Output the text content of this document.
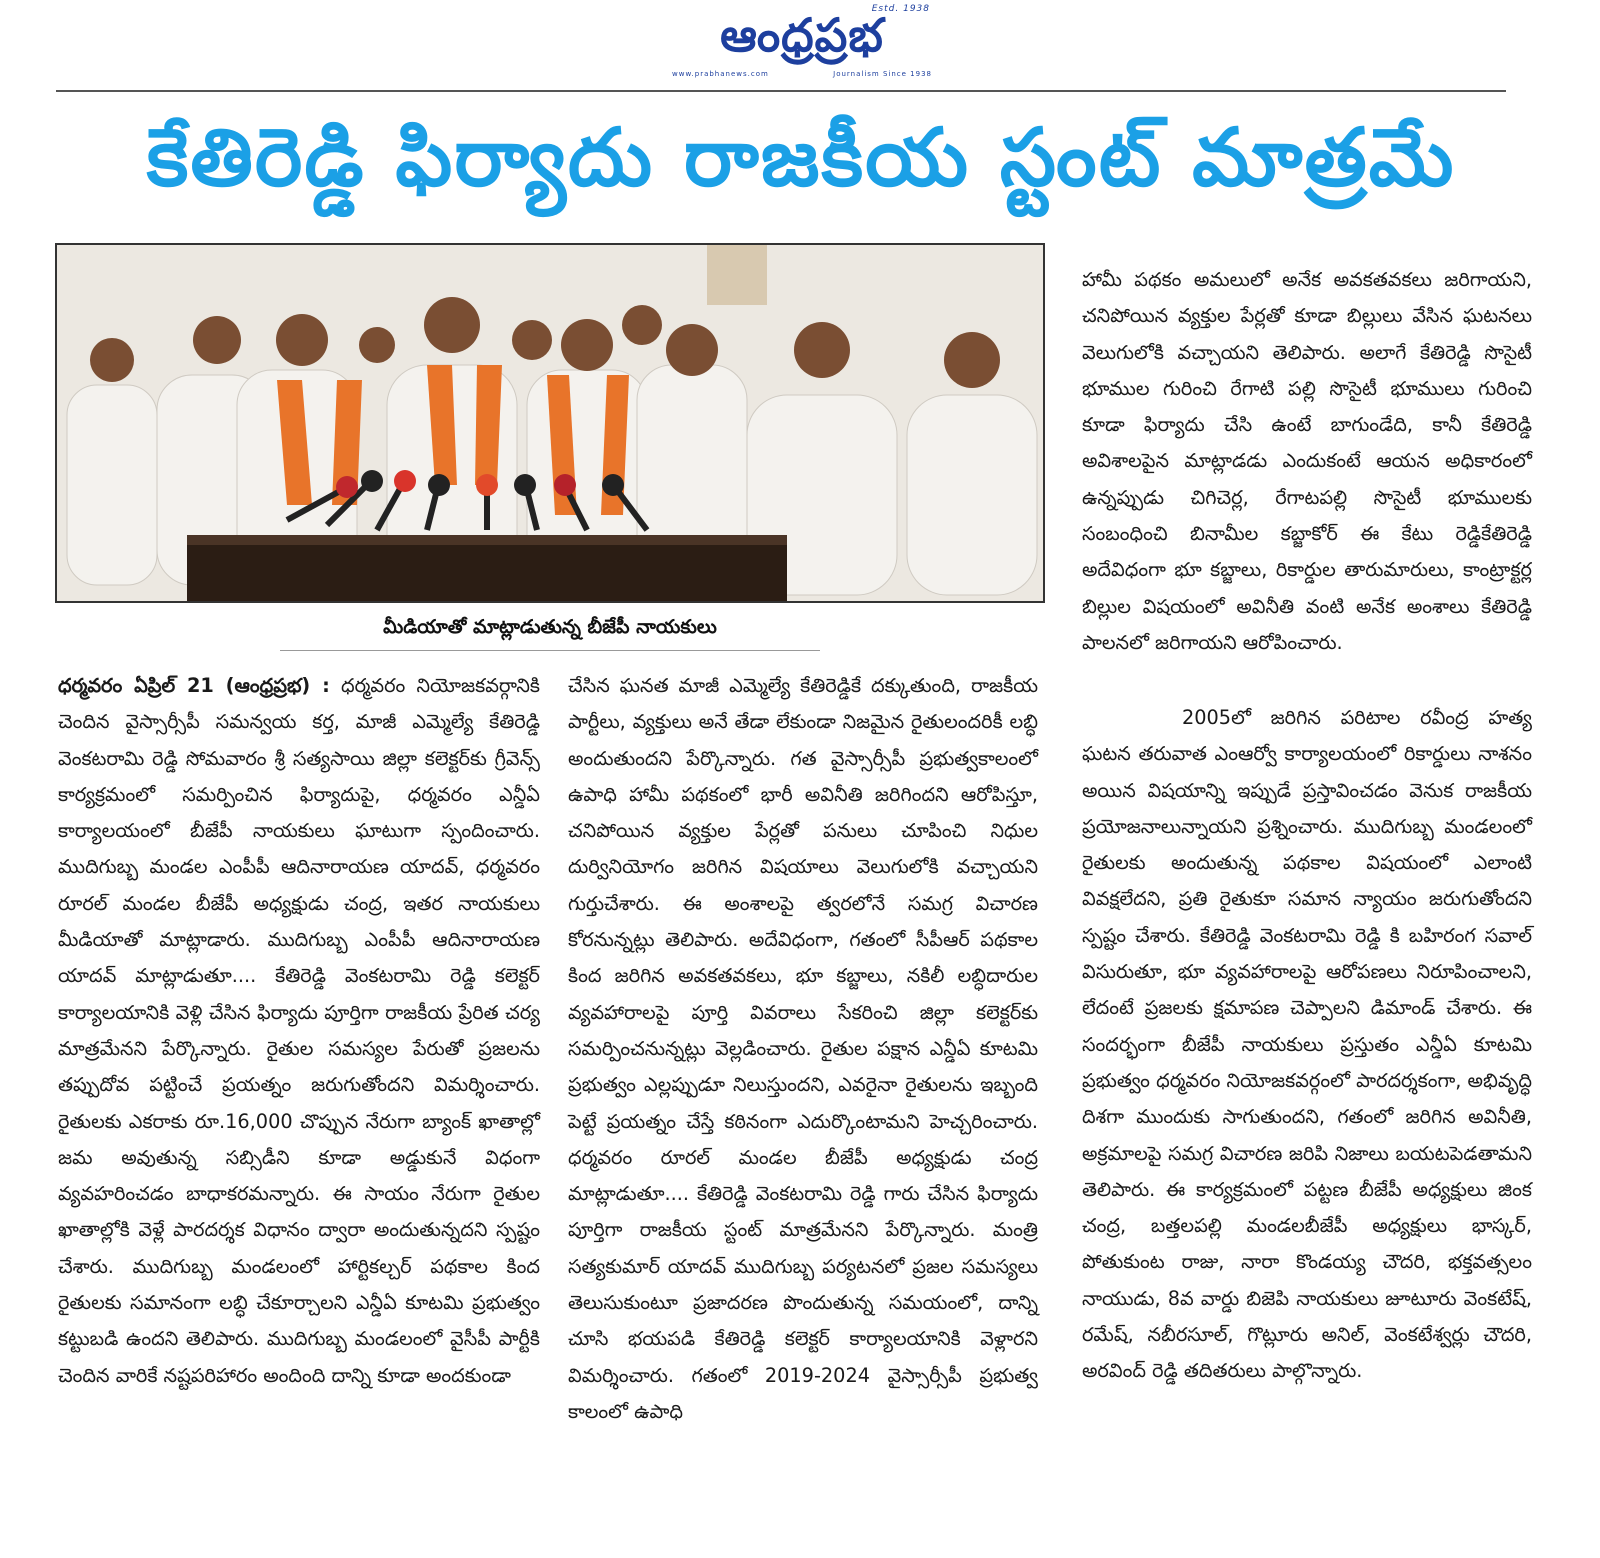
ఆంధ్రప్రభ
Estd. 1938
www.prabhanews.com	Journalism Since 1938
కేతిరెడ్డి ఫిర్యాదు రాజకీయ స్టంట్ మాత్రమే
మీడియాతో మాట్లాడుతున్న బీజేపీ నాయకులు

ధర్మవరం ఏప్రిల్ 21 (ఆంధ్రప్రభ) : ధర్మవరం నియోజకవర్గానికి చెందిన వైస్సార్సీపీ సమన్వయ కర్త, మాజీ ఎమ్మెల్యే కేతిరెడ్డి వెంకటరామి రెడ్డి సోమవారం శ్రీ సత్యసాయి జిల్లా కలెక్టర్‌కు గ్రీవెన్స్ కార్యక్రమంలో సమర్పించిన ఫిర్యాదుపై, ధర్మవరం ఎన్డీఏ కార్యాలయంలో బీజేపీ నాయకులు ఘాటుగా స్పందించారు. ముదిగుబ్బ మండల ఎంపీపీ ఆదినారాయణ యాదవ్, ధర్మవరం రూరల్ మండల బీజేపీ అధ్యక్షుడు చంద్ర, ఇతర నాయకులు మీడియాతో మాట్లాడారు. ముదిగుబ్బ ఎంపీపీ ఆదినారాయణ యాదవ్ మాట్లాడుతూ.... కేతిరెడ్డి వెంకటరామి రెడ్డి కలెక్టర్ కార్యాలయానికి వెళ్లి చేసిన ఫిర్యాదు పూర్తిగా రాజకీయ ప్రేరిత చర్య మాత్రమేనని పేర్కొన్నారు. రైతుల సమస్యల పేరుతో ప్రజలను తప్పుదోవ పట్టించే ప్రయత్నం జరుగుతోందని విమర్శించారు. రైతులకు ఎకరాకు రూ.16,000 చొప్పున నేరుగా బ్యాంక్ ఖాతాల్లో జమ అవుతున్న సబ్సిడీని కూడా అడ్డుకునే విధంగా వ్యవహరించడం బాధాకరమన్నారు. ఈ సాయం నేరుగా రైతుల ఖాతాల్లోకి వెళ్లే పారదర్శక విధానం ద్వారా అందుతున్నదని స్పష్టం చేశారు. ముదిగుబ్బ మండలంలో హార్టికల్చర్ పథకాల కింద రైతులకు సమానంగా లబ్ధి చేకూర్చాలని ఎన్డీఏ కూటమి ప్రభుత్వం కట్టుబడి ఉందని తెలిపారు. ముదిగుబ్బ మండలంలో వైసీపీ పార్టీకి చెందిన వారికే నష్టపరిహారం అందింది దాన్ని కూడా అందకుండా

చేసిన ఘనత మాజీ ఎమ్మెల్యే కేతిరెడ్డికే దక్కుతుంది, రాజకీయ పార్టీలు, వ్యక్తులు అనే తేడా లేకుండా నిజమైన రైతులందరికీ లబ్ధి అందుతుందని పేర్కొన్నారు. గత వైస్సార్సీపీ ప్రభుత్వకాలంలో ఉపాధి హామీ పథకంలో భారీ అవినీతి జరిగిందని ఆరోపిస్తూ, చనిపోయిన వ్యక్తుల పేర్లతో పనులు చూపించి నిధుల దుర్వినియోగం జరిగిన విషయాలు వెలుగులోకి వచ్చాయని గుర్తుచేశారు. ఈ అంశాలపై త్వరలోనే సమగ్ర విచారణ కోరనున్నట్లు తెలిపారు. అదేవిధంగా, గతంలో సీపీఆర్ పథకాల కింద జరిగిన అవకతవకలు, భూ కబ్జాలు, నకిలీ లబ్ధిదారుల వ్యవహారాలపై పూర్తి వివరాలు సేకరించి జిల్లా కలెక్టర్‌కు సమర్పించనున్నట్లు వెల్లడించారు. రైతుల పక్షాన ఎన్డీఏ కూటమి ప్రభుత్వం ఎల్లప్పుడూ నిలుస్తుందని, ఎవరైనా రైతులను ఇబ్బంది పెట్టే ప్రయత్నం చేస్తే కఠినంగా ఎదుర్కొంటామని హెచ్చరించారు. ధర్మవరం రూరల్ మండల బీజేపీ అధ్యక్షుడు చంద్ర మాట్లాడుతూ.... కేతిరెడ్డి వెంకటరామి రెడ్డి గారు చేసిన ఫిర్యాదు పూర్తిగా రాజకీయ స్టంట్ మాత్రమేనని పేర్కొన్నారు. మంత్రి సత్యకుమార్ యాదవ్ ముదిగుబ్బ పర్యటనలో ప్రజల సమస్యలు తెలుసుకుంటూ ప్రజాదరణ పొందుతున్న సమయంలో, దాన్ని చూసి భయపడి కేతిరెడ్డి కలెక్టర్ కార్యాలయానికి వెళ్లారని విమర్శించారు. గతంలో 2019-2024 వైస్సార్సీపీ ప్రభుత్వ కాలంలో ఉపాధి

హామీ పథకం అమలులో అనేక అవకతవకలు జరిగాయని, చనిపోయిన వ్యక్తుల పేర్లతో కూడా బిల్లులు వేసిన ఘటనలు వెలుగులోకి వచ్చాయని తెలిపారు. అలాగే కేతిరెడ్డి సొసైటీ భూముల గురించి రేగాటి పల్లి సొసైటీ భూములు గురించి కూడా ఫిర్యాదు చేసి ఉంటే బాగుండేది, కానీ కేతిరెడ్డి అవిశాలపైన మాట్లాడడు ఎందుకంటే ఆయన అధికారంలో ఉన్నప్పుడు చిగిచెర్ల, రేగాటపల్లి సొసైటీ భూములకు సంబంధించి బినామీల కబ్జాకోర్ ఈ కేటు రెడ్డికేతిరెడ్డి అదేవిధంగా భూ కబ్జాలు, రికార్డుల తారుమారులు, కాంట్రాక్టర్ల బిల్లుల విషయంలో అవినీతి వంటి అనేక అంశాలు కేతిరెడ్డి పాలనలో జరిగాయని ఆరోపించారు.

2005లో జరిగిన పరిటాల రవీంద్ర హత్య ఘటన తరువాత ఎంఆర్వో కార్యాలయంలో రికార్డులు నాశనం అయిన విషయాన్ని ఇప్పుడే ప్రస్తావించడం వెనుక రాజకీయ ప్రయోజనాలున్నాయని ప్రశ్నించారు. ముదిగుబ్బ మండలంలో రైతులకు అందుతున్న పథకాల విషయంలో ఎలాంటి వివక్షలేదని, ప్రతి రైతుకూ సమాన న్యాయం జరుగుతోందని స్పష్టం చేశారు. కేతిరెడ్డి వెంకటరామి రెడ్డి కి బహిరంగ సవాల్ విసురుతూ, భూ వ్యవహారాలపై ఆరోపణలు నిరూపించాలని, లేదంటే ప్రజలకు క్షమాపణ చెప్పాలని డిమాండ్ చేశారు. ఈ సందర్భంగా బీజేపీ నాయకులు ప్రస్తుతం ఎన్డీఏ కూటమి ప్రభుత్వం ధర్మవరం నియోజకవర్గంలో పారదర్శకంగా, అభివృద్ధి దిశగా ముందుకు సాగుతుందని, గతంలో జరిగిన అవినీతి, అక్రమాలపై సమగ్ర విచారణ జరిపి నిజాలు బయటపెడతామని తెలిపారు. ఈ కార్యక్రమంలో పట్టణ బీజేపీ అధ్యక్షులు జింక చంద్ర, బత్తలపల్లి మండలబీజేపీ అధ్యక్షులు భాస్కర్, పోతుకుంట రాజు, నారా కొండయ్య చౌదరి, భక్తవత్సలం నాయుడు, 8వ వార్డు బిజెపి నాయకులు జూటూరు వెంకటేష్, రమేష్, నబీరసూల్, గొట్లూరు అనిల్, వెంకటేశ్వర్లు చౌదరి, అరవింద్ రెడ్డి తదితరులు పాల్గొన్నారు.
